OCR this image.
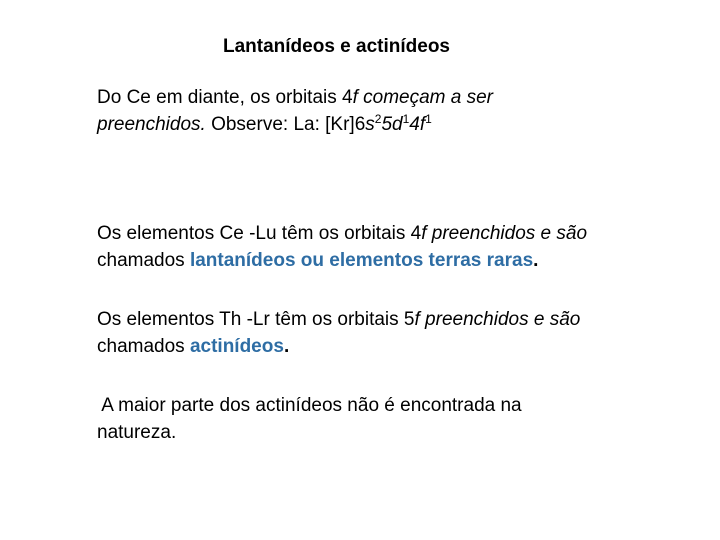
Lantanídeos e actinídeos
Do Ce em diante, os orbitais 4f começam a ser
preenchidos. Observe: La: $[Kr]6s^25d^14f^1$
Os elementos Ce -Lu têm os orbitais 4f preenchidos e são
chamados lantanídeos ou elementos terras raras.
Os elementos Th -Lr têm os orbitais 5f preenchidos e são
chamados actinídeos.
A maior parte dos actinídeos não é encontrada na
natureza.
